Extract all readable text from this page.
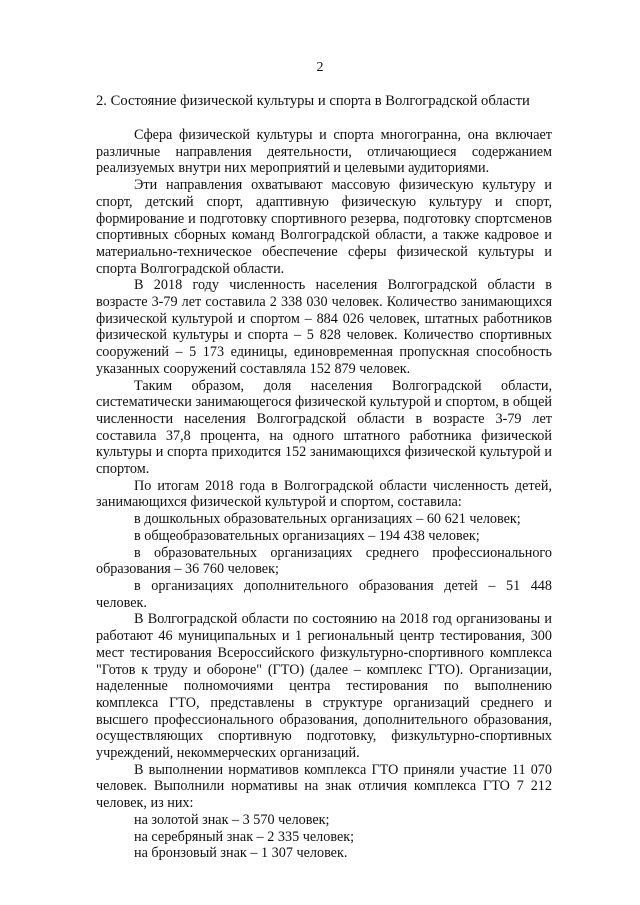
2
2. Состояние физической культуры и спорта в Волгоградской области

Сфера физической культуры и спорта многогранна, она включает различные направления деятельности, отличающиеся содержанием реализуемых внутри них мероприятий и целевыми аудиториями.

Эти направления охватывают массовую физическую культуру и спорт, детский спорт, адаптивную физическую культуру и спорт, формирование и подготовку спортивного резерва, подготовку спортсменов спортивных сборных команд Волгоградской области, а также кадровое и материально-техническое обеспечение сферы физической культуры и спорта Волгоградской области.

В 2018 году численность населения Волгоградской области в возрасте 3-79 лет составила 2 338 030 человек. Количество занимающихся физической культурой и спортом – 884 026 человек, штатных работников физической культуры и спорта – 5 828 человек. Количество спортивных сооружений – 5 173 единицы, единовременная пропускная способность указанных сооружений составляла 152 879 человек.

Таким образом, доля населения Волгоградской области, систематически занимающегося физической культурой и спортом, в общей численности населения Волгоградской области в возрасте 3-79 лет составила 37,8 процента, на одного штатного работника физической культуры и спорта приходится 152 занимающихся физической культурой и спортом.

По итогам 2018 года в Волгоградской области численность детей, занимающихся физической культурой и спортом, составила:

в дошкольных образовательных организациях – 60 621 человек;

в общеобразовательных организациях – 194 438 человек;

в образовательных организациях среднего профессионального образования – 36 760 человек;

в организациях дополнительного образования детей – 51 448 человек.

В Волгоградской области по состоянию на 2018 год организованы и работают 46 муниципальных и 1 региональный центр тестирования, 300 мест тестирования Всероссийского физкультурно-спортивного комплекса "Готов к труду и обороне" (ГТО) (далее – комплекс ГТО). Организации, наделенные полномочиями центра тестирования по выполнению комплекса ГТО, представлены в структуре организаций среднего и высшего профессионального образования, дополнительного образования, осуществляющих спортивную подготовку, физкультурно-спортивных учреждений, некоммерческих организаций.

В выполнении нормативов комплекса ГТО приняли участие 11 070 человек. Выполнили нормативы на знак отличия комплекса ГТО 7 212 человек, из них:

на золотой знак – 3 570 человек;

на серебряный знак – 2 335 человек;

на бронзовый знак – 1 307 человек.
